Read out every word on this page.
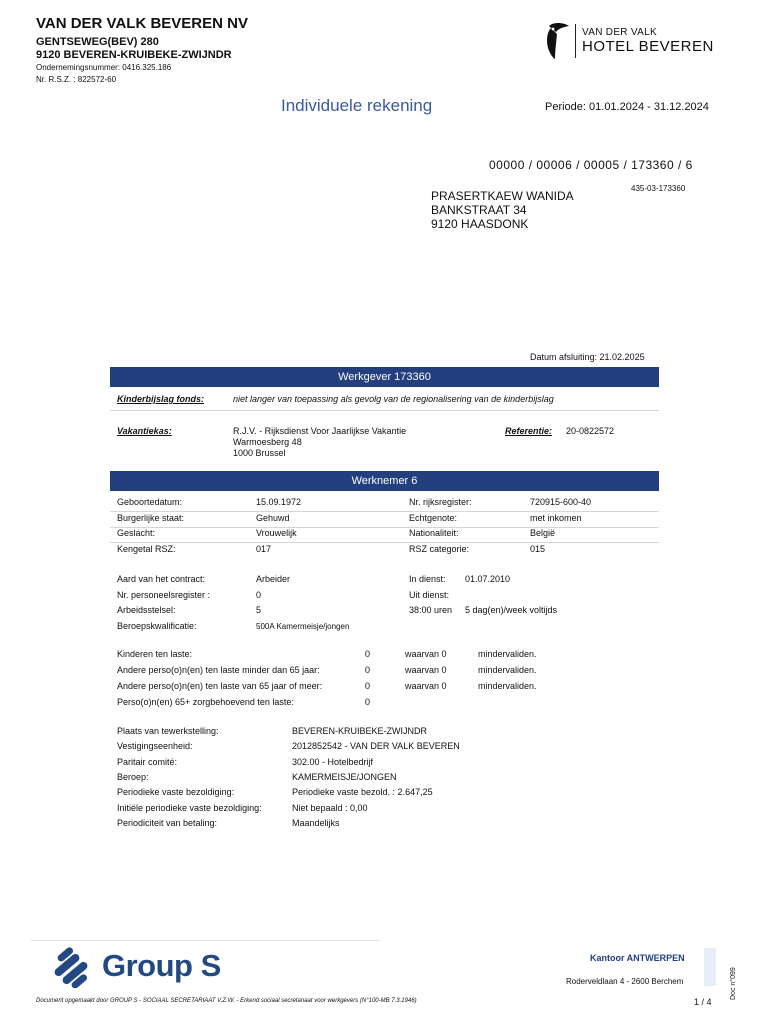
VAN DER VALK BEVEREN NV
GENTSEWEG(BEV) 280
9120 BEVEREN-KRUIBEKE-ZWIJNDR
Ondernemingsnummer: 0416.325.186
Nr. R.S.Z. : 822572-60
VAN DER VALK
HOTEL BEVEREN
Individuele rekening	Periode: 01.01.2024 - 31.12.2024
00000 / 00006 / 00005 / 173360 / 6
435-03-173360
PRASERTKAEW WANIDA
BANKSTRAAT 34
9120 HAASDONK
Datum afsluiting: 21.02.2025
Werkgever 173360
Kinderbijslag fonds:	niet langer van toepassing als gevolg van de regionalisering van de kinderbijslag
Vakantiekas:	R.J.V. - Rijksdienst Voor Jaarlijkse Vakantie
Warmoesberg 48
1000 Brussel
Referentie: 20-0822572
Werknemer 6
Geboortedatum:	15.09.1972	Nr. rijksregister:	720915-600-40
Burgerlijke staat:	Gehuwd	Echtgenote:	met inkomen
Geslacht:	Vrouwelijk	Nationaliteit:	België
Kengetal RSZ:	017	RSZ categorie:	015
Aard van het contract:	Arbeider	In dienst: 01.07.2010
Nr. personeelsregister :	0	Uit dienst:
Arbeidsstelsel:	5	38:00 uren 5 dag(en)/week voltijds
Beroepskwalificatie:	500A Kamermeisje/jongen
Kinderen ten laste:	0	waarvan 0	mindervaliden.
Andere perso(o)n(en) ten laste minder dan 65 jaar:	0	waarvan 0	mindervaliden.
Andere perso(o)n(en) ten laste van 65 jaar of meer:	0	waarvan 0	mindervaliden.
Perso(o)n(en) 65+ zorgbehoevend ten laste:	0
Plaats van tewerkstelling:	BEVEREN-KRUIBEKE-ZWIJNDR
Vestigingseenheid:	2012852542 - VAN DER VALK BEVEREN
Paritair comité:	302.00 - Hotelbedrijf
Beroep:	KAMERMEISJE/JONGEN
Periodieke vaste bezoldiging:	Periodieke vaste bezold. : 2.647,25
Initiële periodieke vaste bezoldiging:	Niet bepaald : 0,00
Periodiciteit van betaling:	Maandelijks
Group S	Kantoor ANTWERPEN
Roderveldlaan 4 - 2600 Berchem	Doc n°099
Document opgemaakt door GROUP S - SOCIAAL SECRETARIAAT V.Z.W. - Erkend sociaal secretariaat voor werkgevers (N°100-MB 7.3.1946)	1 / 4
